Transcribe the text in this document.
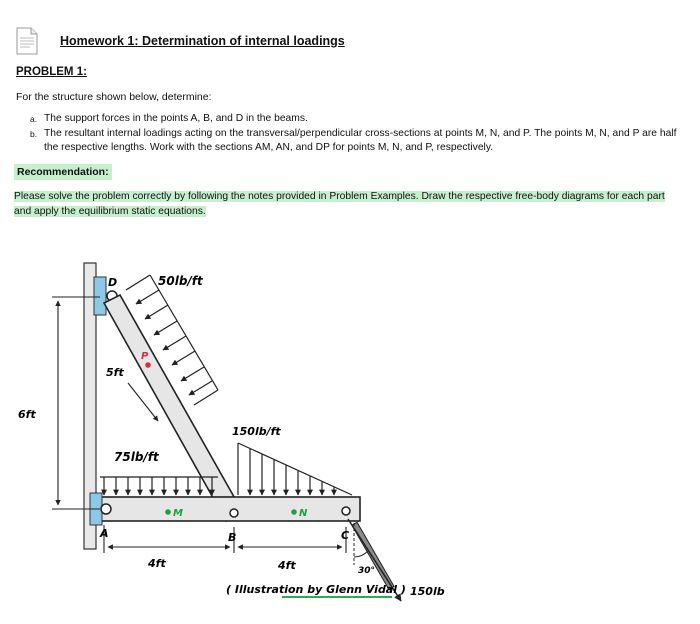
Homework 1: Determination of internal loadings
PROBLEM 1:
For the structure shown below, determine:
a. The support forces in the points A, B, and D in the beams.
b. The resultant internal loadings acting on the transversal/perpendicular cross-sections at points M, N, and P. The points M, N, and P are half the respective lengths. Work with the sections AM, AN, and DP for points M, N, and P, respectively.
Recommendation:
Please solve the problem correctly by following the notes provided in Problem Examples. Draw the respective free-body diagrams for each part and apply the equilibrium static equations.
D
A	B	C
P
M	N
50lb/ft
75lb/ft
150lb/ft
150lb
6ft
5ft
4ft	4ft	30°
( Illustration by Glenn Vidal )
